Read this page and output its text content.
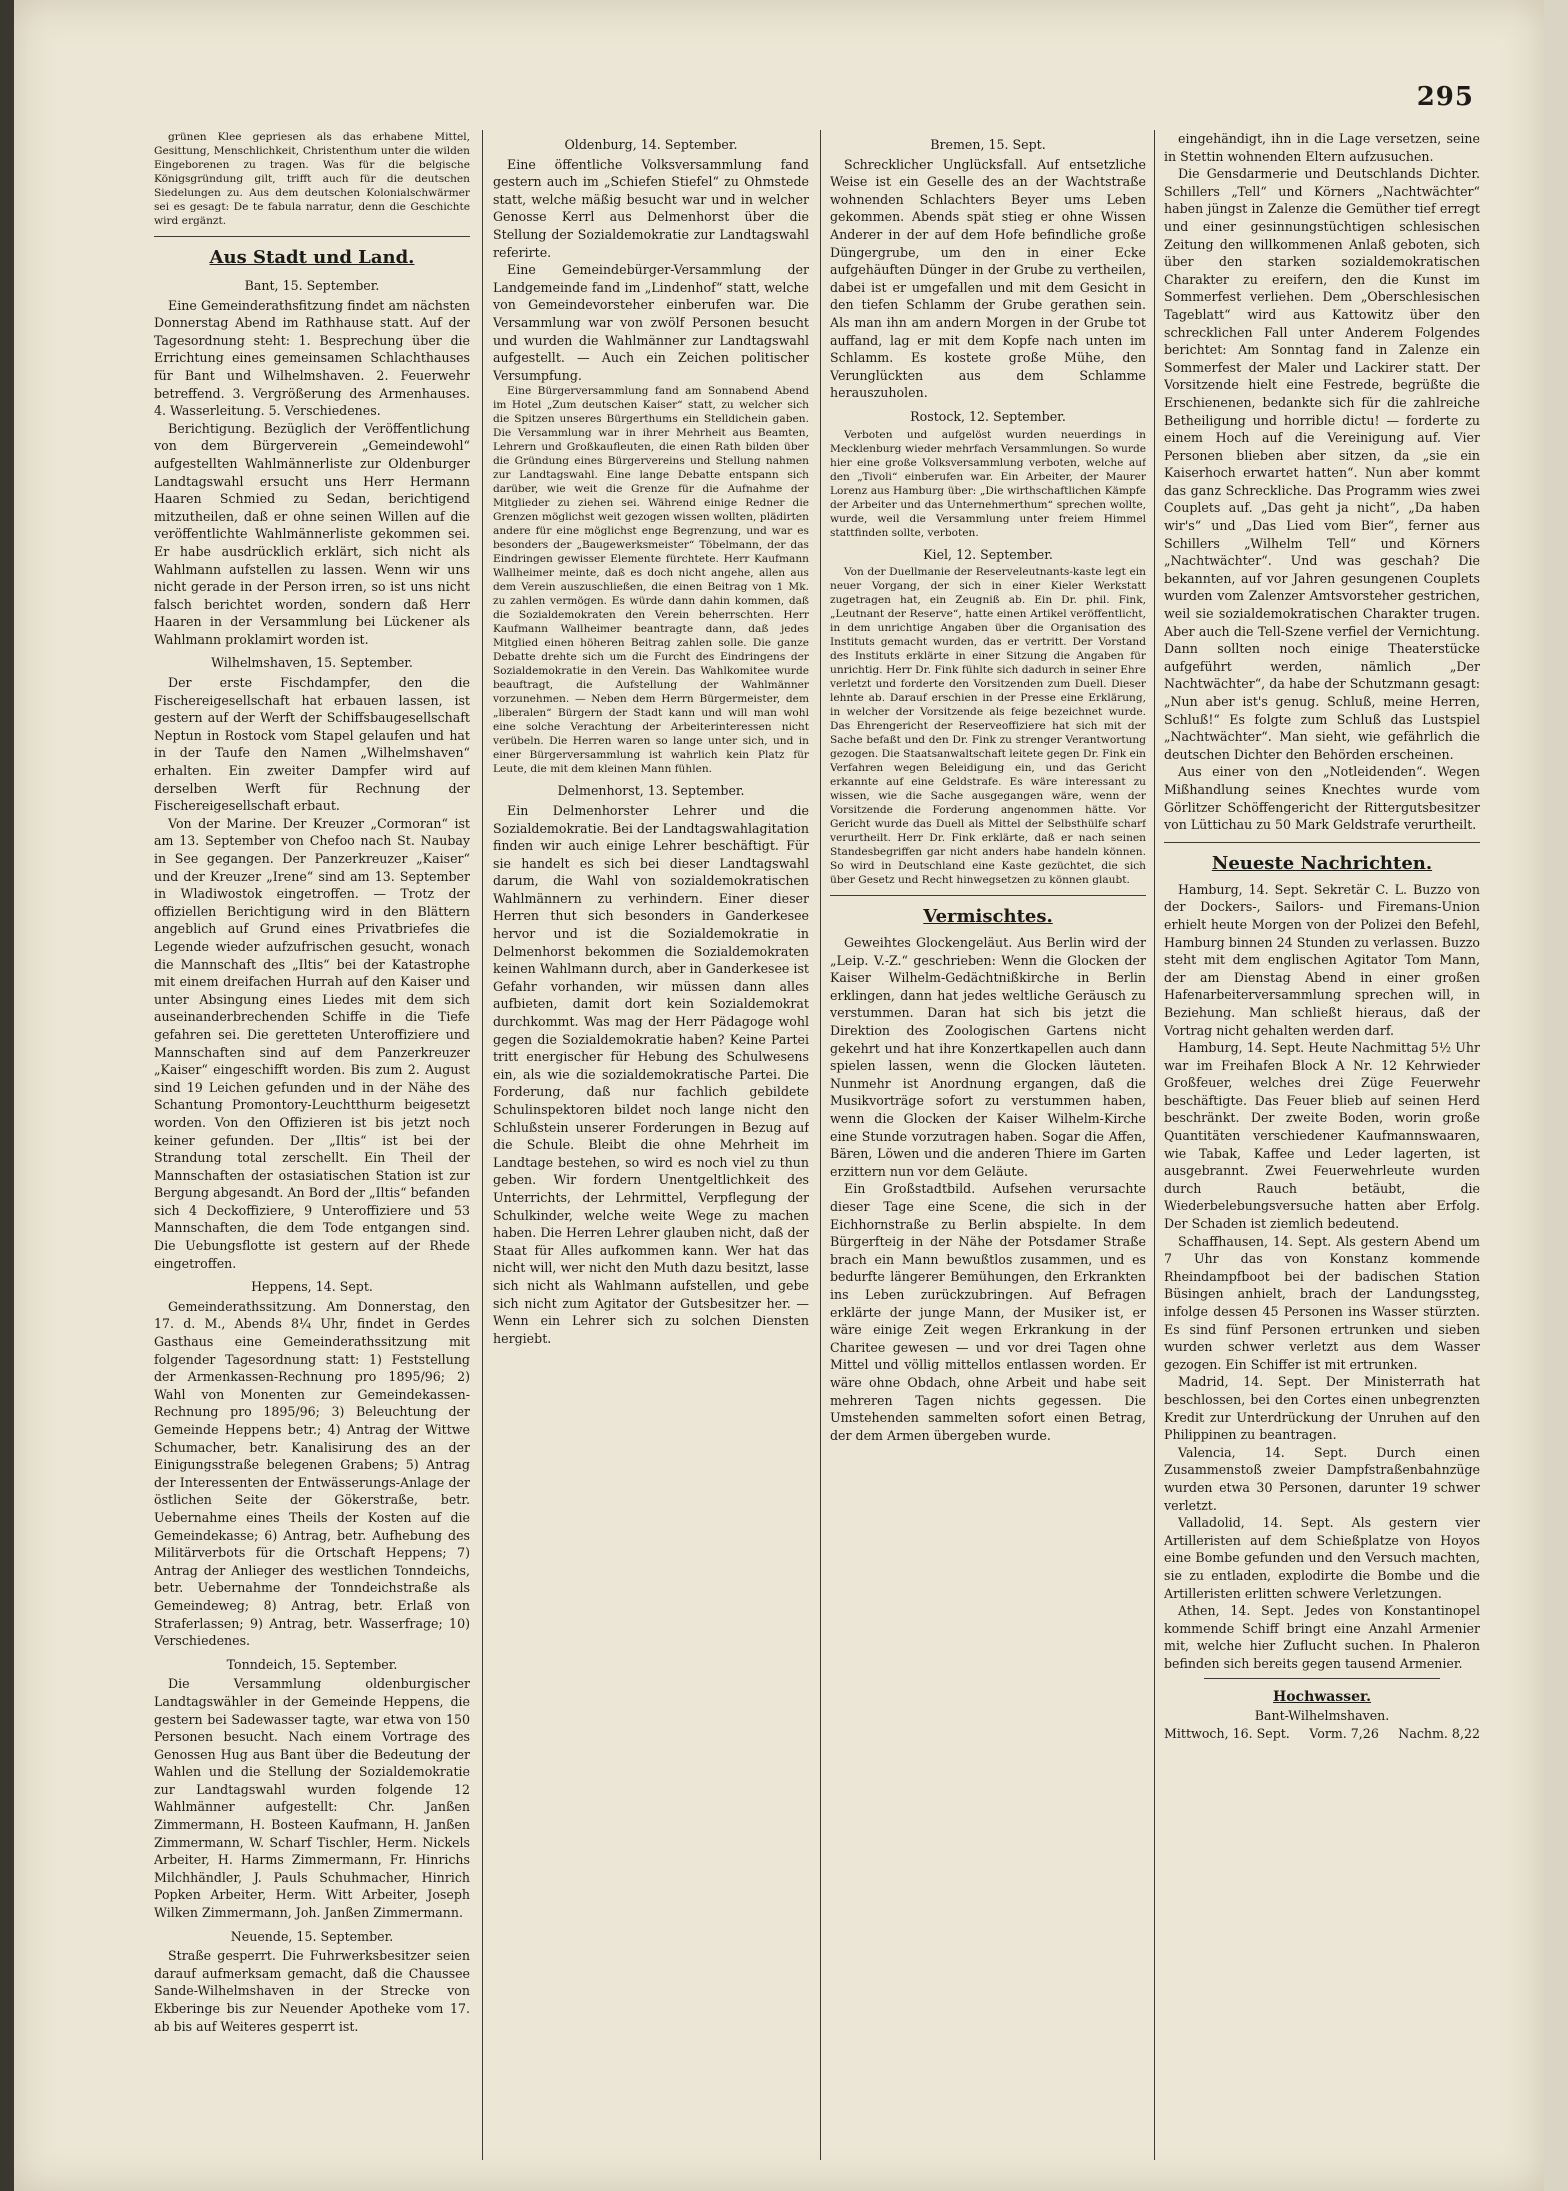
295

grünen Klee gepriesen als das erhabene Mittel, Gesittung, Menschlichkeit, Christenthum unter die wilden Eingeborenen zu tragen. Was für die belgische Königsgründung gilt, trifft auch für die deutschen Siedelungen zu. Aus dem deutschen Kolonialschwärmer sei es gesagt: De te fabula narratur, denn die Geschichte wird ergänzt.

Aus Stadt und Land.
Bant, 15. September.

Eine Gemeinderathsfitzung findet am nächsten Donnerstag Abend im Rathhause statt. Auf der Tagesordnung steht: 1. Besprechung über die Errichtung eines gemeinsamen Schlachthauses für Bant und Wilhelmshaven. 2. Feuerwehr betreffend. 3. Vergrößerung des Armenhauses. 4. Wasserleitung. 5. Verschiedenes.

Berichtigung. Bezüglich der Veröffentlichung von dem Bürgerverein „Gemeindewohl“ aufgestellten Wahlmännerliste zur Oldenburger Landtagswahl ersucht uns Herr Hermann Haaren Schmied zu Sedan, berichtigend mitzutheilen, daß er ohne seinen Willen auf die veröffentlichte Wahlmännerliste gekommen sei. Er habe ausdrücklich erklärt, sich nicht als Wahlmann aufstellen zu lassen. Wenn wir uns nicht gerade in der Person irren, so ist uns nicht falsch berichtet worden, sondern daß Herr Haaren in der Versammlung bei Lückener als Wahlmann proklamirt worden ist.

Wilhelmshaven, 15. September.

Der erste Fischdampfer, den die Fischereigesellschaft hat erbauen lassen, ist gestern auf der Werft der Schiffsbaugesellschaft Neptun in Rostock vom Stapel gelaufen und hat in der Taufe den Namen „Wilhelmshaven“ erhalten. Ein zweiter Dampfer wird auf derselben Werft für Rechnung der Fischereigesellschaft erbaut.

Von der Marine. Der Kreuzer „Cormoran“ ist am 13. September von Chefoo nach St. Naubay in See gegangen. Der Panzerkreuzer „Kaiser“ und der Kreuzer „Irene“ sind am 13. September in Wladiwostok eingetroffen. — Trotz der offiziellen Berichtigung wird in den Blättern angeblich auf Grund eines Privatbriefes die Legende wieder aufzufrischen gesucht, wonach die Mannschaft des „Iltis“ bei der Katastrophe mit einem dreifachen Hurrah auf den Kaiser und unter Absingung eines Liedes mit dem sich auseinanderbrechenden Schiffe in die Tiefe gefahren sei. Die geretteten Unteroffiziere und Mannschaften sind auf dem Panzerkreuzer „Kaiser“ eingeschifft worden. Bis zum 2. August sind 19 Leichen gefunden und in der Nähe des Schantung Promontory-Leuchtthurm beigesetzt worden. Von den Offizieren ist bis jetzt noch keiner gefunden. Der „Iltis“ ist bei der Strandung total zerschellt. Ein Theil der Mannschaften der ostasiatischen Station ist zur Bergung abgesandt. An Bord der „Iltis“ befanden sich 4 Deckoffiziere, 9 Unteroffiziere und 53 Mannschaften, die dem Tode entgangen sind. Die Uebungsflotte ist gestern auf der Rhede eingetroffen.

Heppens, 14. Sept.

Gemeinderathssitzung. Am Donnerstag, den 17. d. M., Abends 8¼ Uhr, findet in Gerdes Gasthaus eine Gemeinderathssitzung mit folgender Tagesordnung statt: 1) Feststellung der Armenkassen-Rechnung pro 1895/96; 2) Wahl von Monenten zur Gemeindekassen-Rechnung pro 1895/96; 3) Beleuchtung der Gemeinde Heppens betr.; 4) Antrag der Wittwe Schumacher, betr. Kanalisirung des an der Einigungsstraße belegenen Grabens; 5) Antrag der Interessenten der Entwässerungs-Anlage der östlichen Seite der Gökerstraße, betr. Uebernahme eines Theils der Kosten auf die Gemeindekasse; 6) Antrag, betr. Aufhebung des Militärverbots für die Ortschaft Heppens; 7) Antrag der Anlieger des westlichen Tonndeichs, betr. Uebernahme der Tonndeichstraße als Gemeindeweg; 8) Antrag, betr. Erlaß von Straferlassen; 9) Antrag, betr. Wasserfrage; 10) Verschiedenes.

Tonndeich, 15. September.

Die Versammlung oldenburgischer Landtagswähler in der Gemeinde Heppens, die gestern bei Sadewasser tagte, war etwa von 150 Personen besucht. Nach einem Vortrage des Genossen Hug aus Bant über die Bedeutung der Wahlen und die Stellung der Sozialdemokratie zur Landtagswahl wurden folgende 12 Wahlmänner aufgestellt: Chr. Janßen Zimmermann, H. Bosteen Kaufmann, H. Janßen Zimmermann, W. Scharf Tischler, Herm. Nickels Arbeiter, H. Harms Zimmermann, Fr. Hinrichs Milchhändler, J. Pauls Schuhmacher, Hinrich Popken Arbeiter, Herm. Witt Arbeiter, Joseph Wilken Zimmermann, Joh. Janßen Zimmermann.

Neuende, 15. September.

Straße gesperrt. Die Fuhrwerksbesitzer seien darauf aufmerksam gemacht, daß die Chaussee Sande-Wilhelmshaven in der Strecke von Ekberinge bis zur Neuender Apotheke vom 17. ab bis auf Weiteres gesperrt ist.

Oldenburg, 14. September.

Eine öffentliche Volksversammlung fand gestern auch im „Schiefen Stiefel“ zu Ohmstede statt, welche mäßig besucht war und in welcher Genosse Kerrl aus Delmenhorst über die Stellung der Sozialdemokratie zur Landtagswahl referirte.

Eine Gemeindebürger-Versammlung der Landgemeinde fand im „Lindenhof“ statt, welche von Gemeindevorsteher einberufen war. Die Versammlung war von zwölf Personen besucht und wurden die Wahlmänner zur Landtagswahl aufgestellt. — Auch ein Zeichen politischer Versumpfung.

Eine Bürgerversammlung fand am Sonnabend Abend im Hotel „Zum deutschen Kaiser“ statt, zu welcher sich die Spitzen unseres Bürgerthums ein Stelldichein gaben. Die Versammlung war in ihrer Mehrheit aus Beamten, Lehrern und Großkaufleuten, die einen Rath bilden über die Gründung eines Bürgervereins und Stellung nahmen zur Landtagswahl. Eine lange Debatte entspann sich darüber, wie weit die Grenze für die Aufnahme der Mitglieder zu ziehen sei. Während einige Redner die Grenzen möglichst weit gezogen wissen wollten, plädirten andere für eine möglichst enge Begrenzung, und war es besonders der „Baugewerksmeister“ Töbelmann, der das Eindringen gewisser Elemente fürchtete. Herr Kaufmann Wallheimer meinte, daß es doch nicht angehe, allen aus dem Verein auszuschließen, die einen Beitrag von 1 Mk. zu zahlen vermögen. Es würde dann dahin kommen, daß die Sozialdemokraten den Verein beherrschten. Herr Kaufmann Wallheimer beantragte dann, daß jedes Mitglied einen höheren Beitrag zahlen solle. Die ganze Debatte drehte sich um die Furcht des Eindringens der Sozialdemokratie in den Verein. Das Wahlkomitee wurde beauftragt, die Aufstellung der Wahlmänner vorzunehmen. — Neben dem Herrn Bürgermeister, dem „liberalen“ Bürgern der Stadt kann und will man wohl eine solche Verachtung der Arbeiterinteressen nicht verübeln. Die Herren waren so lange unter sich, und in einer Bürgerversammlung ist wahrlich kein Platz für Leute, die mit dem kleinen Mann fühlen.

Delmenhorst, 13. September.

Ein Delmenhorster Lehrer und die Sozialdemokratie. Bei der Landtagswahlagitation finden wir auch einige Lehrer beschäftigt. Für sie handelt es sich bei dieser Landtagswahl darum, die Wahl von sozialdemokratischen Wahlmännern zu verhindern. Einer dieser Herren thut sich besonders in Ganderkesee hervor und ist die Sozialdemokratie in Delmenhorst bekommen die Sozialdemokraten keinen Wahlmann durch, aber in Ganderkesee ist Gefahr vorhanden, wir müssen dann alles aufbieten, damit dort kein Sozialdemokrat durchkommt. Was mag der Herr Pädagoge wohl gegen die Sozialdemokratie haben? Keine Partei tritt energischer für Hebung des Schulwesens ein, als wie die sozialdemokratische Partei. Die Forderung, daß nur fachlich gebildete Schulinspektoren bildet noch lange nicht den Schlußstein unserer Forderungen in Bezug auf die Schule. Bleibt die ohne Mehrheit im Landtage bestehen, so wird es noch viel zu thun geben. Wir fordern Unentgeltlichkeit des Unterrichts, der Lehrmittel, Verpflegung der Schulkinder, welche weite Wege zu machen haben. Die Herren Lehrer glauben nicht, daß der Staat für Alles aufkommen kann. Wer hat das nicht will, wer nicht den Muth dazu besitzt, lasse sich nicht als Wahlmann aufstellen, und gebe sich nicht zum Agitator der Gutsbesitzer her. — Wenn ein Lehrer sich zu solchen Diensten hergiebt.

Bremen, 15. Sept.

Schrecklicher Unglücksfall. Auf entsetzliche Weise ist ein Geselle des an der Wachtstraße wohnenden Schlachters Beyer ums Leben gekommen. Abends spät stieg er ohne Wissen Anderer in der auf dem Hofe befindliche große Düngergrube, um den in einer Ecke aufgehäuften Dünger in der Grube zu vertheilen, dabei ist er umgefallen und mit dem Gesicht in den tiefen Schlamm der Grube gerathen sein. Als man ihn am andern Morgen in der Grube tot auffand, lag er mit dem Kopfe nach unten im Schlamm. Es kostete große Mühe, den Verunglückten aus dem Schlamme herauszuholen.

Rostock, 12. September.

Verboten und aufgelöst wurden neuerdings in Mecklenburg wieder mehrfach Versammlungen. So wurde hier eine große Volksversammlung verboten, welche auf den „Tivoli“ einberufen war. Ein Arbeiter, der Maurer Lorenz aus Hamburg über: „Die wirthschaftlichen Kämpfe der Arbeiter und das Unternehmerthum“ sprechen wollte, wurde, weil die Versammlung unter freiem Himmel stattfinden sollte, verboten.

Kiel, 12. September.

Von der Duellmanie der Reserveleutnants-kaste legt ein neuer Vorgang, der sich in einer Kieler Werkstatt zugetragen hat, ein Zeugniß ab. Ein Dr. phil. Fink, „Leutnant der Reserve“, hatte einen Artikel veröffentlicht, in dem unrichtige Angaben über die Organisation des Instituts gemacht wurden, das er vertritt. Der Vorstand des Instituts erklärte in einer Sitzung die Angaben für unrichtig. Herr Dr. Fink fühlte sich dadurch in seiner Ehre verletzt und forderte den Vorsitzenden zum Duell. Dieser lehnte ab. Darauf erschien in der Presse eine Erklärung, in welcher der Vorsitzende als feige bezeichnet wurde. Das Ehrengericht der Reserveoffiziere hat sich mit der Sache befaßt und den Dr. Fink zu strenger Verantwortung gezogen. Die Staatsanwaltschaft leitete gegen Dr. Fink ein Verfahren wegen Beleidigung ein, und das Gericht erkannte auf eine Geldstrafe. Es wäre interessant zu wissen, wie die Sache ausgegangen wäre, wenn der Vorsitzende die Forderung angenommen hätte. Vor Gericht wurde das Duell als Mittel der Selbsthülfe scharf verurtheilt. Herr Dr. Fink erklärte, daß er nach seinen Standesbegriffen gar nicht anders habe handeln können. So wird in Deutschland eine Kaste gezüchtet, die sich über Gesetz und Recht hinwegsetzen zu können glaubt.

Vermischtes.

Geweihtes Glockengeläut. Aus Berlin wird der „Leip. V.-Z.“ geschrieben: Wenn die Glocken der Kaiser Wilhelm-Gedächtnißkirche in Berlin erklingen, dann hat jedes weltliche Geräusch zu verstummen. Daran hat sich bis jetzt die Direktion des Zoologischen Gartens nicht gekehrt und hat ihre Konzertkapellen auch dann spielen lassen, wenn die Glocken läuteten. Nunmehr ist Anordnung ergangen, daß die Musikvorträge sofort zu verstummen haben, wenn die Glocken der Kaiser Wilhelm-Kirche eine Stunde vorzutragen haben. Sogar die Affen, Bären, Löwen und die anderen Thiere im Garten erzittern nun vor dem Geläute.

Ein Großstadtbild. Aufsehen verursachte dieser Tage eine Scene, die sich in der Eichhornstraße zu Berlin abspielte. In dem Bürgerfteig in der Nähe der Potsdamer Straße brach ein Mann bewußtlos zusammen, und es bedurfte längerer Bemühungen, den Erkrankten ins Leben zurückzubringen. Auf Befragen erklärte der junge Mann, der Musiker ist, er wäre einige Zeit wegen Erkrankung in der Charitee gewesen — und vor drei Tagen ohne Mittel und völlig mittellos entlassen worden. Er wäre ohne Obdach, ohne Arbeit und habe seit mehreren Tagen nichts gegessen. Die Umstehenden sammelten sofort einen Betrag, der dem Armen übergeben wurde.

eingehändigt, ihn in die Lage versetzen, seine in Stettin wohnenden Eltern aufzusuchen.

Die Gensdarmerie und Deutschlands Dichter. Schillers „Tell“ und Körners „Nachtwächter“ haben jüngst in Zalenze die Gemüther tief erregt und einer gesinnungstüchtigen schlesischen Zeitung den willkommenen Anlaß geboten, sich über den starken sozialdemokratischen Charakter zu ereifern, den die Kunst im Sommerfest verliehen. Dem „Oberschlesischen Tageblatt“ wird aus Kattowitz über den schrecklichen Fall unter Anderem Folgendes berichtet: Am Sonntag fand in Zalenze ein Sommerfest der Maler und Lackirer statt. Der Vorsitzende hielt eine Festrede, begrüßte die Erschienenen, bedankte sich für die zahlreiche Betheiligung und horrible dictu! — forderte zu einem Hoch auf die Vereinigung auf. Vier Personen blieben aber sitzen, da „sie ein Kaiserhoch erwartet hatten“. Nun aber kommt das ganz Schreckliche. Das Programm wies zwei Couplets auf. „Das geht ja nicht“, „Da haben wir's“ und „Das Lied vom Bier“, ferner aus Schillers „Wilhelm Tell“ und Körners „Nachtwächter“. Und was geschah? Die bekannten, auf vor Jahren gesungenen Couplets wurden vom Zalenzer Amtsvorsteher gestrichen, weil sie sozialdemokratischen Charakter trugen. Aber auch die Tell-Szene verfiel der Vernichtung. Dann sollten noch einige Theaterstücke aufgeführt werden, nämlich „Der Nachtwächter“, da habe der Schutzmann gesagt: „Nun aber ist's genug. Schluß, meine Herren, Schluß!“ Es folgte zum Schluß das Lustspiel „Nachtwächter“. Man sieht, wie gefährlich die deutschen Dichter den Behörden erscheinen.

Aus einer von den „Notleidenden“. Wegen Mißhandlung seines Knechtes wurde vom Görlitzer Schöffengericht der Rittergutsbesitzer von Lüttichau zu 50 Mark Geldstrafe verurtheilt.

Neueste Nachrichten.

Hamburg, 14. Sept. Sekretär C. L. Buzzo von der Dockers-, Sailors- und Firemans-Union erhielt heute Morgen von der Polizei den Befehl, Hamburg binnen 24 Stunden zu verlassen. Buzzo steht mit dem englischen Agitator Tom Mann, der am Dienstag Abend in einer großen Hafenarbeiterversammlung sprechen will, in Beziehung. Man schließt hieraus, daß der Vortrag nicht gehalten werden darf.

Hamburg, 14. Sept. Heute Nachmittag 5½ Uhr war im Freihafen Block A Nr. 12 Kehrwieder Großfeuer, welches drei Züge Feuerwehr beschäftigte. Das Feuer blieb auf seinen Herd beschränkt. Der zweite Boden, worin große Quantitäten verschiedener Kaufmannswaaren, wie Tabak, Kaffee und Leder lagerten, ist ausgebrannt. Zwei Feuerwehrleute wurden durch Rauch betäubt, die Wiederbelebungsversuche hatten aber Erfolg. Der Schaden ist ziemlich bedeutend.

Schaffhausen, 14. Sept. Als gestern Abend um 7 Uhr das von Konstanz kommende Rheindampfboot bei der badischen Station Büsingen anhielt, brach der Landungssteg, infolge dessen 45 Personen ins Wasser stürzten. Es sind fünf Personen ertrunken und sieben wurden schwer verletzt aus dem Wasser gezogen. Ein Schiffer ist mit ertrunken.

Madrid, 14. Sept. Der Ministerrath hat beschlossen, bei den Cortes einen unbegrenzten Kredit zur Unterdrückung der Unruhen auf den Philippinen zu beantragen.

Valencia, 14. Sept. Durch einen Zusammenstoß zweier Dampfstraßenbahnzüge wurden etwa 30 Personen, darunter 19 schwer verletzt.

Valladolid, 14. Sept. Als gestern vier Artilleristen auf dem Schießplatze von Hoyos eine Bombe gefunden und den Versuch machten, sie zu entladen, explodirte die Bombe und die Artilleristen erlitten schwere Verletzungen.

Athen, 14. Sept. Jedes von Konstantinopel kommende Schiff bringt eine Anzahl Armenier mit, welche hier Zuflucht suchen. In Phaleron befinden sich bereits gegen tausend Armenier.

Hochwasser.
Bant-Wilhelmshaven.
Mittwoch, 16. Sept. Vorm. 7,26 Nachm. 8,22
